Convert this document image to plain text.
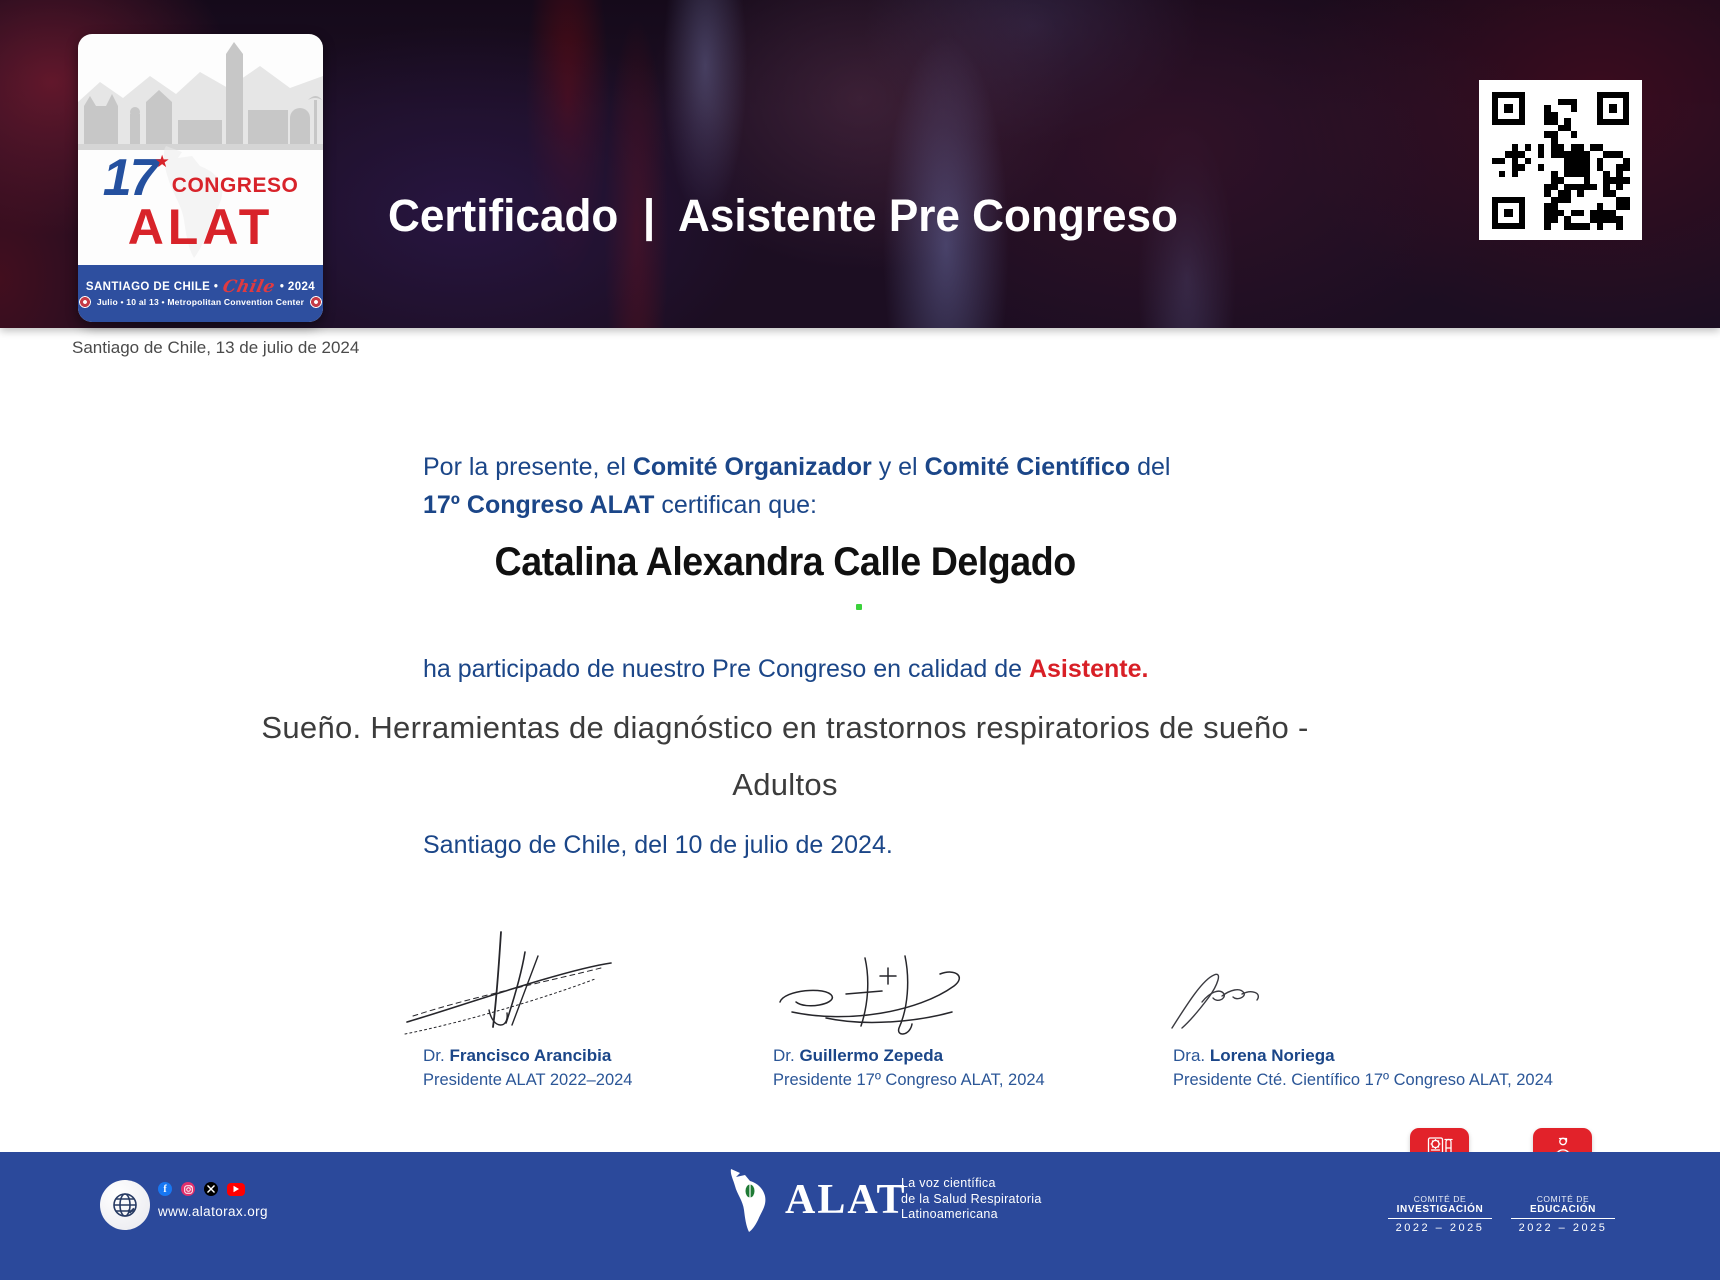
Certificado  |  Asistente Pre Congreso
17
★
CONGRESO
ALAT
SANTIAGO DE CHILE • Chile • 2024
Julio • 10 al 13 • Metropolitan Convention Center
Santiago de Chile, 13 de julio de 2024
Por la presente, el Comité Organizador y el Comité Científico del
17º Congreso ALAT certifican que:
Catalina Alexandra Calle Delgado
ha participado de nuestro Pre Congreso en calidad de Asistente.
Sueño. Herramientas de diagnóstico en trastornos respiratorios de sueño -
Adultos
Santiago de Chile, del 10 de julio de 2024.
Dr. Francisco Arancibia
Presidente ALAT 2022–2024
Dr. Guillermo Zepeda
Presidente 17º Congreso ALAT, 2024
Dra. Lorena Noriega
Presidente Cté. Científico 17º Congreso ALAT, 2024
f
www.alatorax.org	ALAT
La voz científica
de la Salud Respiratoria
Latinoamericana
COMITÉ DE
INVESTIGACIÓN
2022 – 2025
COMITÉ DE
EDUCACIÓN
2022 – 2025
